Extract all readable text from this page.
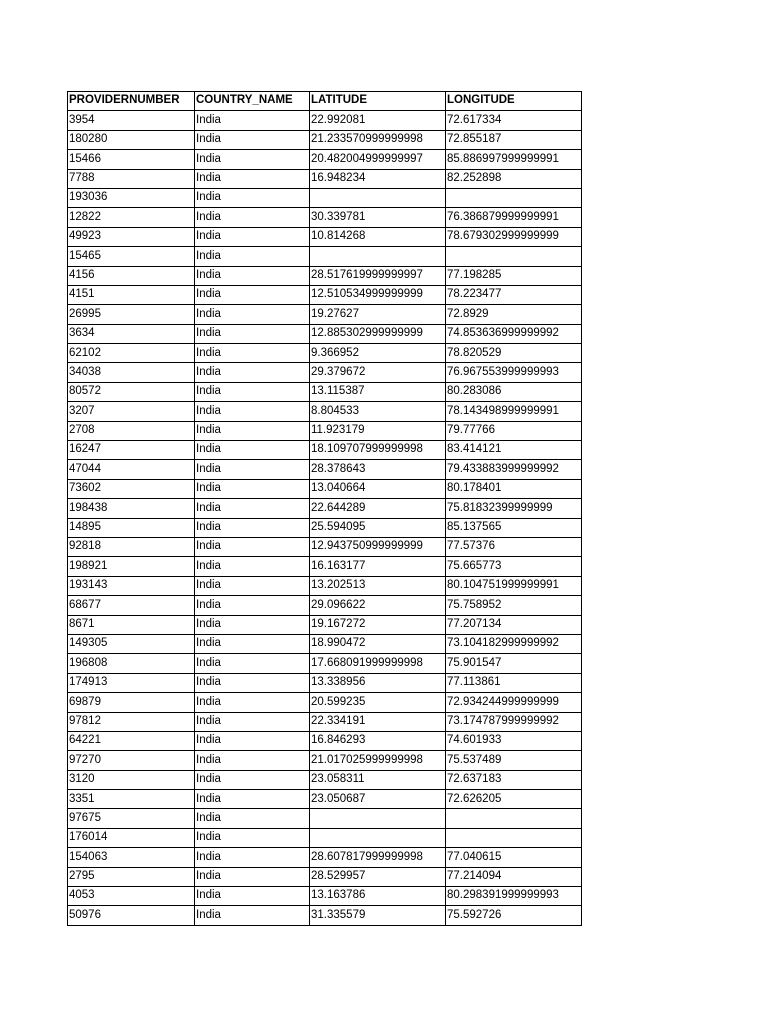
PROVIDERNUMBER	COUNTRY_NAME	LATITUDE	LONGITUDE
3954	India	22.992081	72.617334
180280	India	21.233570999999998	72.855187
15466	India	20.482004999999997	85.886997999999991
7788	India	16.948234	82.252898
193036	India		
12822	India	30.339781	76.386879999999991
49923	India	10.814268	78.679302999999999
15465	India		
4156	India	28.517619999999997	77.198285
4151	India	12.510534999999999	78.223477
26995	India	19.27627	72.8929
3634	India	12.885302999999999	74.853636999999992
62102	India	9.366952	78.820529
34038	India	29.379672	76.967553999999993
80572	India	13.115387	80.283086
3207	India	8.804533	78.143498999999991
2708	India	11.923179	79.77766
16247	India	18.109707999999998	83.414121
47044	India	28.378643	79.433883999999992
73602	India	13.040664	80.178401
198438	India	22.644289	75.81832399999999
14895	India	25.594095	85.137565
92818	India	12.943750999999999	77.57376
198921	India	16.163177	75.665773
193143	India	13.202513	80.104751999999991
68677	India	29.096622	75.758952
8671	India	19.167272	77.207134
149305	India	18.990472	73.104182999999992
196808	India	17.668091999999998	75.901547
174913	India	13.338956	77.113861
69879	India	20.599235	72.934244999999999
97812	India	22.334191	73.174787999999992
64221	India	16.846293	74.601933
97270	India	21.017025999999998	75.537489
3120	India	23.058311	72.637183
3351	India	23.050687	72.626205
97675	India		
176014	India		
154063	India	28.607817999999998	77.040615
2795	India	28.529957	77.214094
4053	India	13.163786	80.298391999999993
50976	India	31.335579	75.592726
